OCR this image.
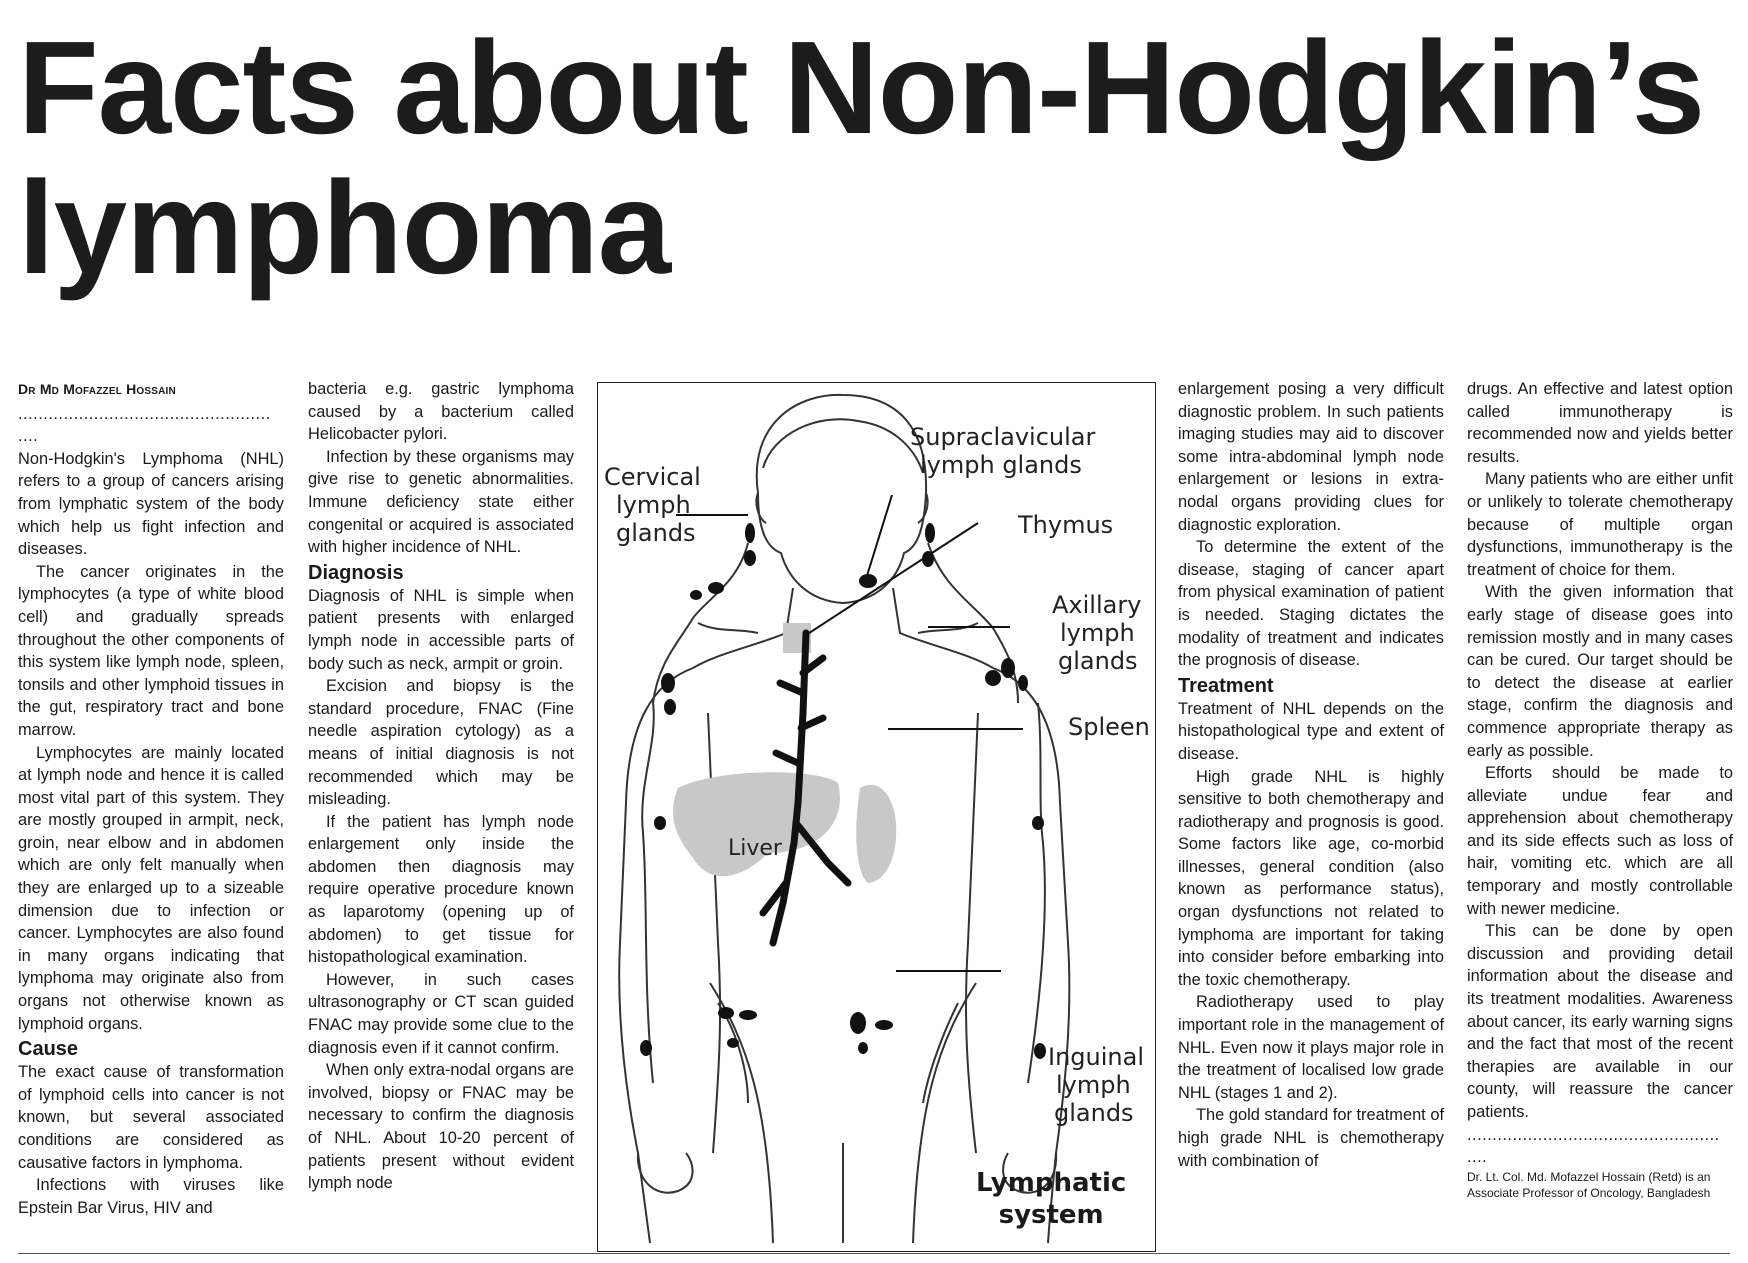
Facts about Non-Hodgkin’s lymphoma
Dr Md Mofazzel Hossain
..................................................
....

Non-Hodgkin's Lymphoma (NHL) refers to a group of cancers arising from lymphatic system of the body which help us fight infection and diseases.

The cancer originates in the lymphocytes (a type of white blood cell) and gradually spreads throughout the other components of this system like lymph node, spleen, tonsils and other lymphoid tissues in the gut, respiratory tract and bone marrow.

Lymphocytes are mainly located at lymph node and hence it is called most vital part of this system. They are mostly grouped in armpit, neck, groin, near elbow and in abdomen which are only felt manually when they are enlarged up to a sizeable dimension due to infection or cancer. Lymphocytes are also found in many organs indicating that lymphoma may originate also from organs not otherwise known as lymphoid organs.

Cause

The exact cause of transformation of lymphoid cells into cancer is not known, but several associated conditions are considered as causative factors in lymphoma.

Infections with viruses like Epstein Bar Virus, HIV and

bacteria e.g. gastric lymphoma caused by a bacterium called Helicobacter pylori.

Infection by these organisms may give rise to genetic abnormalities. Immune deficiency state either congenital or acquired is associated with higher incidence of NHL.

Diagnosis

Diagnosis of NHL is simple when patient presents with enlarged lymph node in accessible parts of body such as neck, armpit or groin.

Excision and biopsy is the standard procedure, FNAC (Fine needle aspiration cytology) as a means of initial diagnosis is not recommended which may be misleading.

If the patient has lymph node enlargement only inside the abdomen then diagnosis may require operative procedure known as laparotomy (opening up of abdomen) to get tissue for histopathological examination.

However, in such cases ultrasonography or CT scan guided FNAC may provide some clue to the diagnosis even if it cannot confirm.

When only extra-nodal organs are involved, biopsy or FNAC may be necessary to confirm the diagnosis of NHL. About 10-20 percent of patients present without evident lymph node

Cervical
lymph
glands
Supraclavicular
lymph glands
Thymus
Axillary
lymph
glands
Spleen
Liver
Inguinal
lymph
glands
Lymphatic
system

enlargement posing a very difficult diagnostic problem. In such patients imaging studies may aid to discover some intra-abdominal lymph node enlargement or lesions in extra-nodal organs providing clues for diagnostic exploration.

To determine the extent of the disease, staging of cancer apart from physical examination of patient is needed. Staging dictates the modality of treatment and indicates the prognosis of disease.

Treatment

Treatment of NHL depends on the histopathological type and extent of disease.

High grade NHL is highly sensitive to both chemotherapy and radiotherapy and prognosis is good. Some factors like age, co-morbid illnesses, general condition (also known as performance status), organ dysfunctions not related to lymphoma are important for taking into consider before embarking into the toxic chemotherapy.

Radiotherapy used to play important role in the management of NHL. Even now it plays major role in the treatment of localised low grade NHL (stages 1 and 2).

The gold standard for treatment of high grade NHL is chemotherapy with combination of

drugs. An effective and latest option called immunotherapy is recommended now and yields better results.

Many patients who are either unfit or unlikely to tolerate chemotherapy because of multiple organ dysfunctions, immunotherapy is the treatment of choice for them.

With the given information that early stage of disease goes into remission mostly and in many cases can be cured. Our target should be to detect the disease at earlier stage, confirm the diagnosis and commence appropriate therapy as early as possible.

Efforts should be made to alleviate undue fear and apprehension about chemotherapy and its side effects such as loss of hair, vomiting etc. which are all temporary and mostly controllable with newer medicine.

This can be done by open discussion and providing detail information about the disease and its treatment modalities. Awareness about cancer, its early warning signs and the fact that most of the recent therapies are available in our county, will reassure the cancer patients.

..................................................
....
Dr. Lt. Col. Md. Mofazzel Hossain (Retd) is an Associate Professor of Oncology, Bangladesh
